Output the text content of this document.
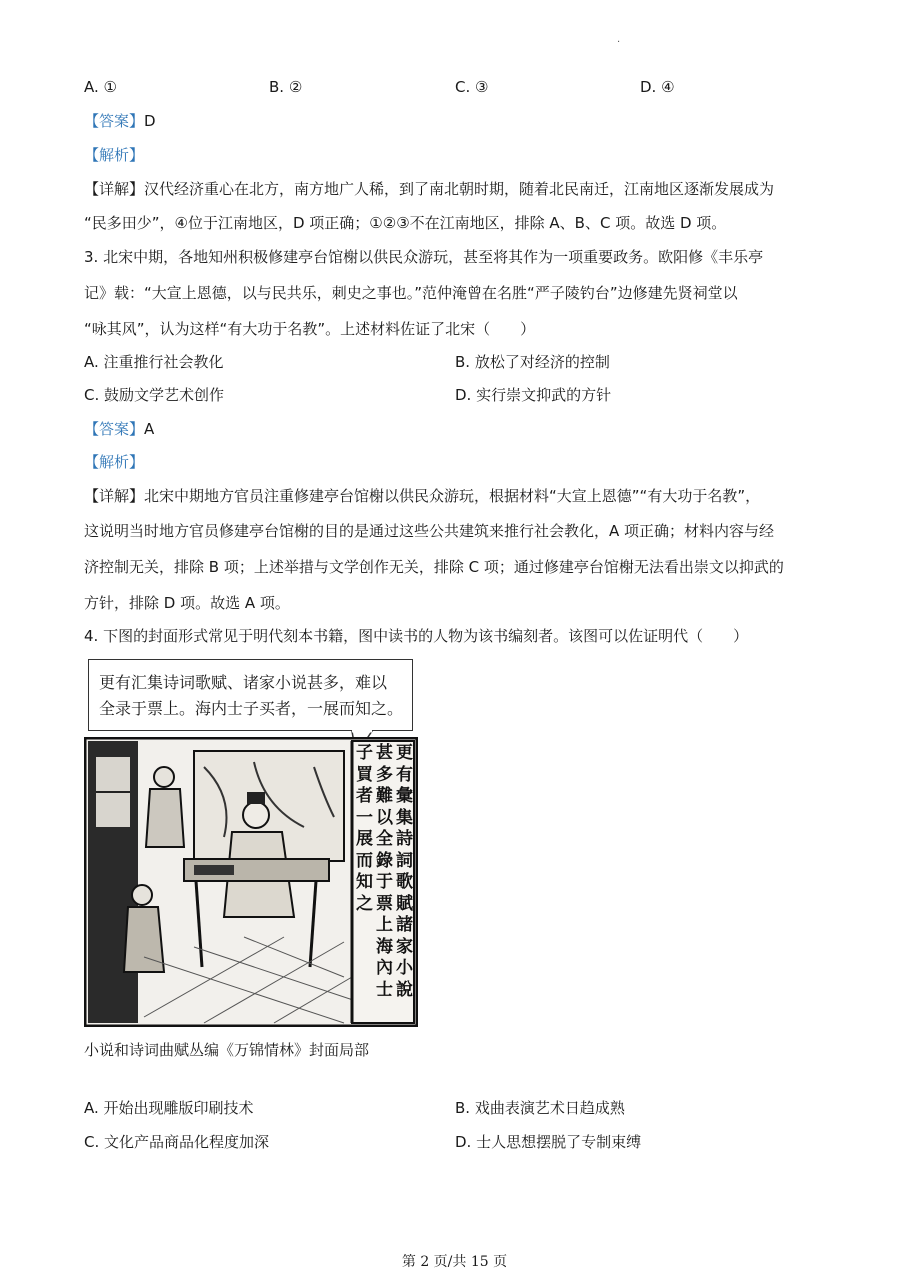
.
A. ①	B. ②	C. ③	D. ④
【答案】D
【解析】
【详解】汉代经济重心在北方，南方地广人稀，到了南北朝时期，随着北民南迁，江南地区逐渐发展成为
“民多田少”，④位于江南地区，D 项正确；①②③不在江南地区，排除 A、B、C 项。故选 D 项。
3. 北宋中期，各地知州积极修建亭台馆榭以供民众游玩，甚至将其作为一项重要政务。欧阳修《丰乐亭
记》载：“大宣上恩德，以与民共乐，刺史之事也。”范仲淹曾在名胜“严子陵钓台”边修建先贤祠堂以
“咏其风”，认为这样“有大功于名教”。上述材料佐证了北宋（　　）
A. 注重推行社会教化	B. 放松了对经济的控制
C. 鼓励文学艺术创作	D. 实行崇文抑武的方针
【答案】A
【解析】
【详解】北宋中期地方官员注重修建亭台馆榭以供民众游玩，根据材料“大宣上恩德”“有大功于名教”，
这说明当时地方官员修建亭台馆榭的目的是通过这些公共建筑来推行社会教化，A 项正确；材料内容与经
济控制无关，排除 B 项；上述举措与文学创作无关，排除 C 项；通过修建亭台馆榭无法看出崇文以抑武的
方针，排除 D 项。故选 A 项。
4. 下图的封面形式常见于明代刻本书籍，图中读书的人物为该书编刻者。该图可以佐证明代（　　）
更有汇集诗词歌赋、诸家小说甚多，难以
全录于票上。海内士子买者，一展而知之。
更有彙集詩詞歌賦諸家小說
甚多難以全錄于票上海內士
子買者一展而知之
小说和诗词曲赋丛编《万锦情林》封面局部
A. 开始出现雕版印刷技术	B. 戏曲表演艺术日趋成熟
C. 文化产品商品化程度加深	D. 士人思想摆脱了专制束缚
第 2 页/共 15 页
